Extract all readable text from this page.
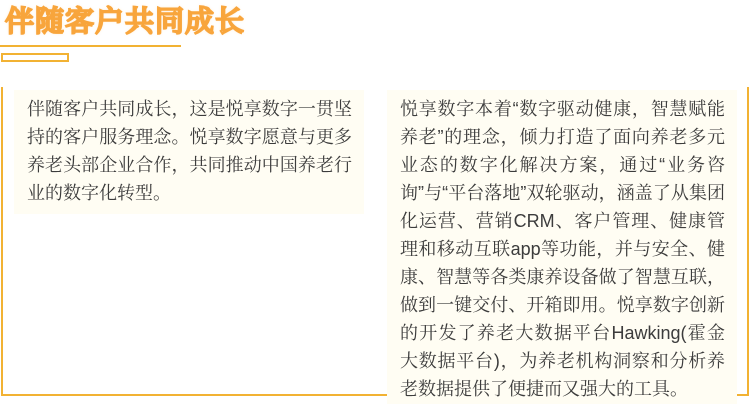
伴随客户共同成长

伴随客户共同成长，这是悦享数字一贯坚持的客户服务理念。悦享数字愿意与更多养老头部企业合作，共同推动中国养老行业的数字化转型。

悦享数字本着“数字驱动健康，智慧赋能养老”的理念，倾力打造了面向养老多元业态的数字化解决方案，通过“业务咨询”与“平台落地”双轮驱动，涵盖了从集团化运营、营销CRM、客户管理、健康管理和移动互联app等功能，并与安全、健康、智慧等各类康养设备做了智慧互联，做到一键交付、开箱即用。悦享数字创新的开发了养老大数据平台Hawking(霍金大数据平台)，为养老机构洞察和分析养老数据提供了便捷而又强大的工具。
